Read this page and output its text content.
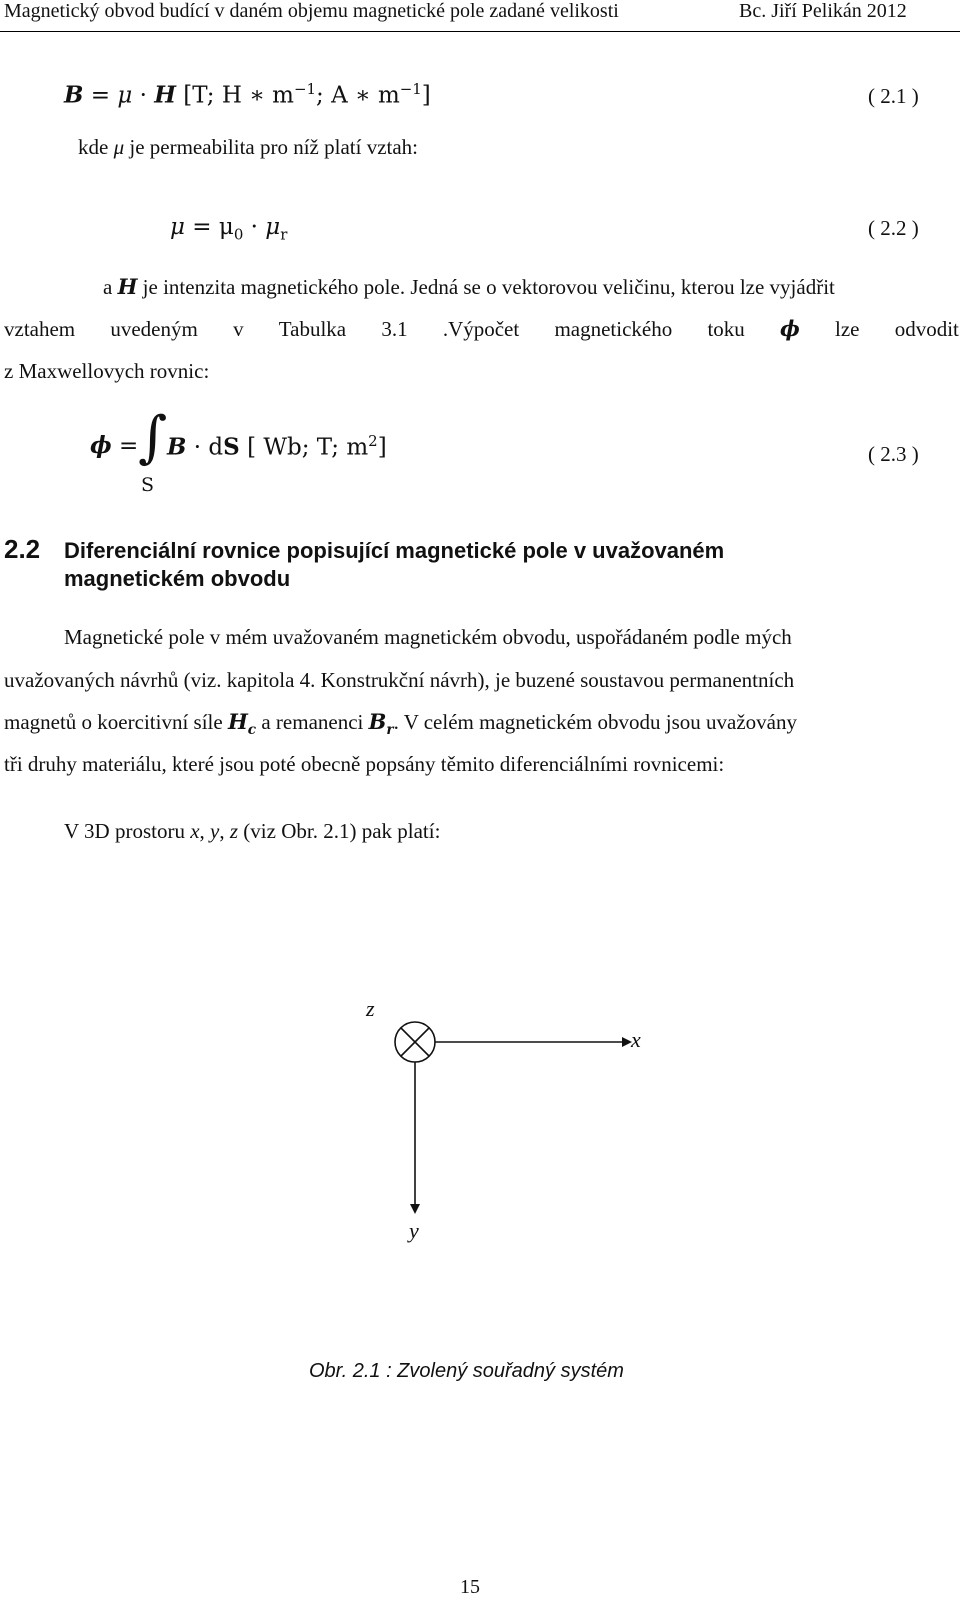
Magnetický obvod budící v daném objemu magnetické pole zadané velikosti	Bc. Jiří Pelikán 2012
B = μ · H [T; H ∗ $m^{-1}$; A ∗ $m^{-1}$]	( 2.1 )
kde μ je permeabilita pro níž platí vztah:
$\mu = \mu_0 \cdot \mu_r$	( 2.2 )
a H je intenzita magnetického pole. Jedná se o vektorovou veličinu, kterou lze vyjádřit
vztahem uvedeným v Tabulka 3.1 .Výpočet magnetického toku ϕ lze odvodit
z Maxwellovych rovnic:
ϕ = ∫
S
B · dS [ Wb; T; $m^2$]	( 2.3 )
2.2 Diferenciální rovnice popisující magnetické pole v uvažovaném
magnetickém obvodu
Magnetické pole v mém uvažovaném magnetickém obvodu, uspořádaném podle mých
uvažovaných návrhů (viz. kapitola 4. Konstrukční návrh), je buzené soustavou permanentních
magnetů o koercitivní síle $H_c$ a remanenci $B_r$. V celém magnetickém obvodu jsou uvažovány
tři druhy materiálu, které jsou poté obecně popsány těmito diferenciálními rovnicemi:
V 3D prostoru x, y, z (viz Obr. 2.1) pak platí:
z
x
y
Obr. 2.1 : Zvolený souřadný systém
15
